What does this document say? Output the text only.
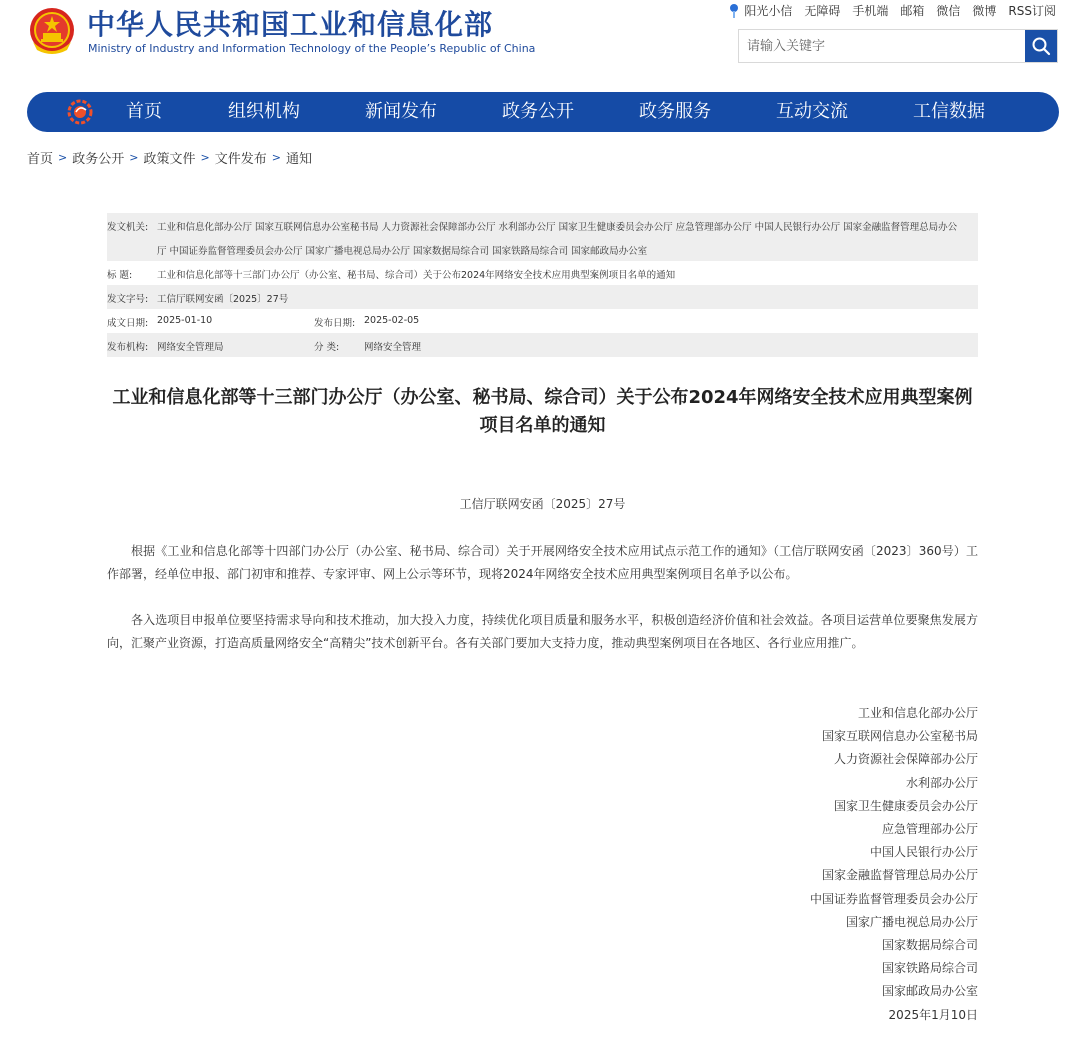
中华人民共和国工业和信息化部
Ministry of Industry and Information Technology of the People’s Republic of China
阳光小信 无障碍 手机端 邮箱 微信 微博 RSS订阅
请输入关键字
首页	组织机构	新闻发布	政务公开	政务服务	互动交流	工信数据
首页 > 政务公开 > 政策文件 > 文件发布 > 通知
发文机关: 工业和信息化部办公厅 国家互联网信息办公室秘书局 人力资源社会保障部办公厅 水利部办公厅 国家卫生健康委员会办公厅 应急管理部办公厅 中国人民银行办公厅 国家金融监督管理总局办公
厅 中国证券监督管理委员会办公厅 国家广播电视总局办公厅 国家数据局综合司 国家铁路局综合司 国家邮政局办公室
标 题:	工业和信息化部等十三部门办公厅（办公室、秘书局、综合司）关于公布2024年网络安全技术应用典型案例项目名单的通知
发文字号: 工信厅联网安函〔2025〕27号
成文日期: 2025-01-10	发布日期: 2025-02-05
发布机构: 网络安全管理局	分 类:	网络安全管理
工业和信息化部等十三部门办公厅（办公室、秘书局、综合司）关于公布2024年网络安全技术应用典型案例项目名单的通知
工信厅联网安函〔2025〕27号
根据《工业和信息化部等十四部门办公厅（办公室、秘书局、综合司）关于开展网络安全技术应用试点示范工作的通知》（工信厅联网安函〔2023〕360号）工作部署，经单位申报、部门初审和推荐、专家评审、网上公示等环节，现将2024年网络安全技术应用典型案例项目名单予以公布。
各入选项目申报单位要坚持需求导向和技术推动，加大投入力度，持续优化项目质量和服务水平，积极创造经济价值和社会效益。各项目运营单位要聚焦发展方向，汇聚产业资源，打造高质量网络安全“高精尖”技术创新平台。各有关部门要加大支持力度，推动典型案例项目在各地区、各行业应用推广。
工业和信息化部办公厅
国家互联网信息办公室秘书局
人力资源社会保障部办公厅
水利部办公厅
国家卫生健康委员会办公厅
应急管理部办公厅
中国人民银行办公厅
国家金融监督管理总局办公厅
中国证券监督管理委员会办公厅
国家广播电视总局办公厅
国家数据局综合司
国家铁路局综合司
国家邮政局办公室
2025年1月10日
